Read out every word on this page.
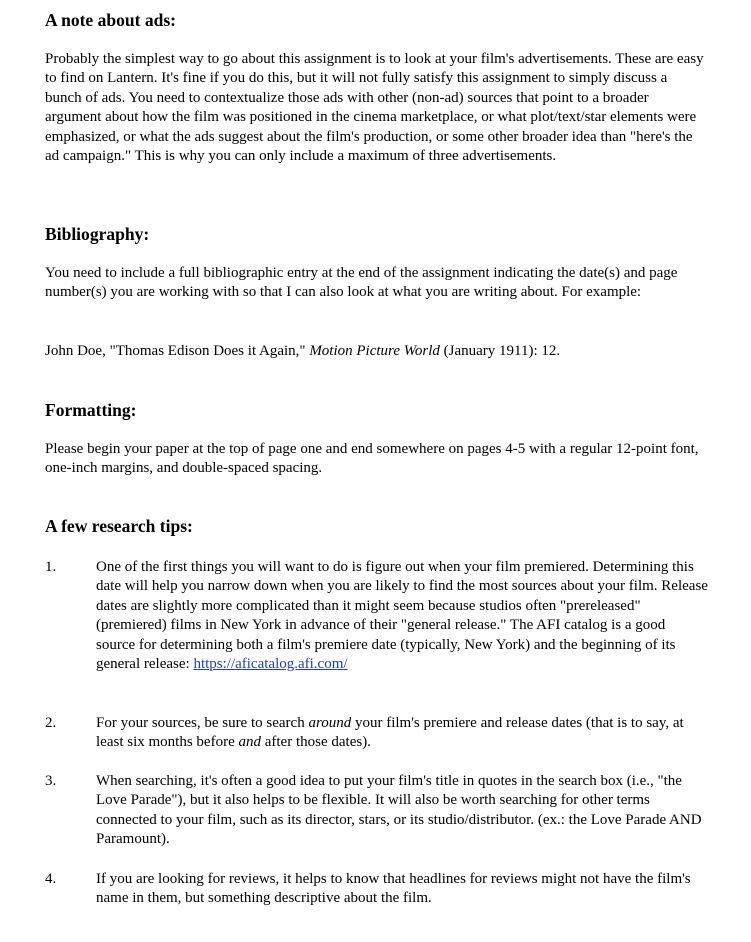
A note about ads:

Probably the simplest way to go about this assignment is to look at your film's advertisements. These are easy to find on Lantern. It's fine if you do this, but it will not fully satisfy this assignment to simply discuss a bunch of ads. You need to contextualize those ads with other (non-ad) sources that point to a broader argument about how the film was positioned in the cinema marketplace, or what plot/text/star elements were emphasized, or what the ads suggest about the film's production, or some other broader idea than "here's the ad campaign." This is why you can only include a maximum of three advertisements.

Bibliography:

You need to include a full bibliographic entry at the end of the assignment indicating the date(s) and page number(s) you are working with so that I can also look at what you are writing about. For example:

John Doe, "Thomas Edison Does it Again," Motion Picture World (January 1911): 12.

Formatting:

Please begin your paper at the top of page one and end somewhere on pages 4-5 with a regular 12-point font, one-inch margins, and double-spaced spacing.

A few research tips:
1.	One of the first things you will want to do is figure out when your film premiered. Determining this date will help you narrow down when you are likely to find the most sources about your film. Release dates are slightly more complicated than it might seem because studios often "prereleased" (premiered) films in New York in advance of their "general release." The AFI catalog is a good source for determining both a film's premiere date (typically, New York) and the beginning of its general release: https://aficatalog.afi.com/

2.	For your sources, be sure to search around your film's premiere and release dates (that is to say, at least six months before and after those dates).

3.	When searching, it's often a good idea to put your film's title in quotes in the search box (i.e., "the Love Parade"), but it also helps to be flexible. It will also be worth searching for other terms connected to your film, such as its director, stars, or its studio/distributor. (ex.: the Love Parade AND Paramount).

4.	If you are looking for reviews, it helps to know that headlines for reviews might not have the film's name in them, but something descriptive about the film.
